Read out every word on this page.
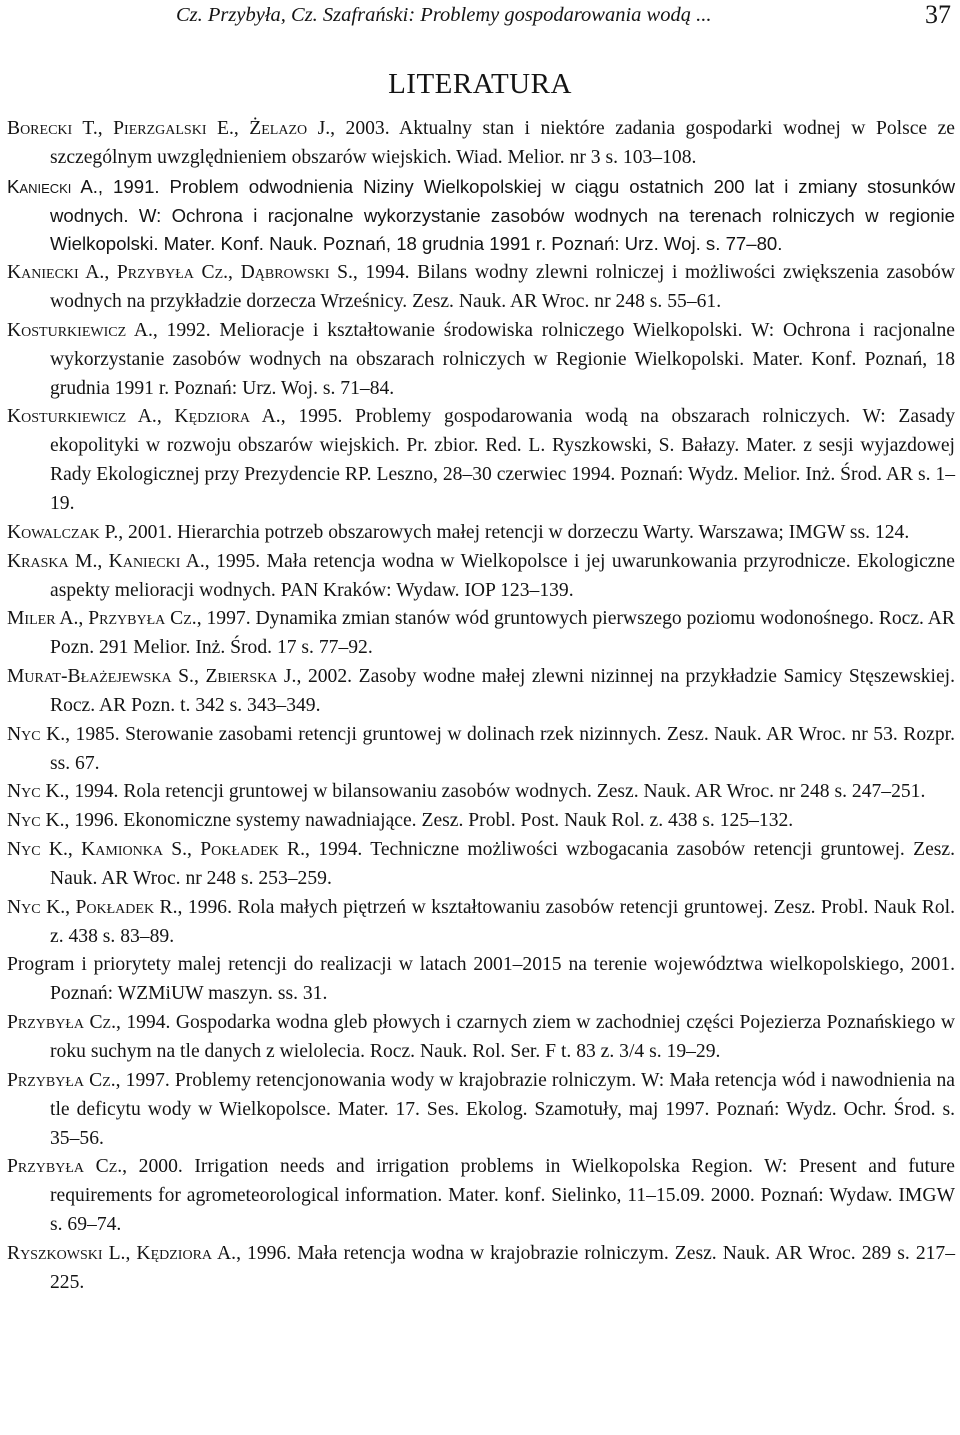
Cz. Przybyła, Cz. Szafrański: Problemy gospodarowania wodą ...	37
LITERATURA
Borecki T., Pierzgalski E., Żelazo J., 2003. Aktualny stan i niektóre zadania gospodarki wodnej w Polsce ze szczególnym uwzględnieniem obszarów wiejskich. Wiad. Melior. nr 3 s. 103–108.
Kaniecki A., 1991. Problem odwodnienia Niziny Wielkopolskiej w ciągu ostatnich 200 lat i zmiany stosunków wodnych. W: Ochrona i racjonalne wykorzystanie zasobów wodnych na terenach rolniczych w regionie Wielkopolski. Mater. Konf. Nauk. Poznań, 18 grudnia 1991 r. Poznań: Urz. Woj. s. 77–80.
Kaniecki A., Przybyła Cz., Dąbrowski S., 1994. Bilans wodny zlewni rolniczej i możliwości zwiększenia zasobów wodnych na przykładzie dorzecza Wrześnicy. Zesz. Nauk. AR Wroc. nr 248 s. 55–61.
Kosturkiewicz A., 1992. Melioracje i kształtowanie środowiska rolniczego Wielkopolski. W: Ochrona i racjonalne wykorzystanie zasobów wodnych na obszarach rolniczych w Regionie Wielkopolski. Mater. Konf. Poznań, 18 grudnia 1991 r. Poznań: Urz. Woj. s. 71–84.
Kosturkiewicz A., Kędziora A., 1995. Problemy gospodarowania wodą na obszarach rolniczych. W: Zasady ekopolityki w rozwoju obszarów wiejskich. Pr. zbior. Red. L. Ryszkowski, S. Bałazy. Mater. z sesji wyjazdowej Rady Ekologicznej przy Prezydencie RP. Leszno, 28–30 czerwiec 1994. Poznań: Wydz. Melior. Inż. Środ. AR s. 1–19.
Kowalczak P., 2001. Hierarchia potrzeb obszarowych małej retencji w dorzeczu Warty. Warszawa; IMGW ss. 124.
Kraska M., Kaniecki A., 1995. Mała retencja wodna w Wielkopolsce i jej uwarunkowania przyrodnicze. Ekologiczne aspekty melioracji wodnych. PAN Kraków: Wydaw. IOP 123–139.
Miler A., Przybyła Cz., 1997. Dynamika zmian stanów wód gruntowych pierwszego poziomu wodonośnego. Rocz. AR Pozn. 291 Melior. Inż. Środ. 17 s. 77–92.
Murat-Błażejewska S., Zbierska J., 2002. Zasoby wodne małej zlewni nizinnej na przykładzie Samicy Stęszewskiej. Rocz. AR Pozn. t. 342 s. 343–349.
Nyc K., 1985. Sterowanie zasobami retencji gruntowej w dolinach rzek nizinnych. Zesz. Nauk. AR Wroc. nr 53. Rozpr. ss. 67.
Nyc K., 1994. Rola retencji gruntowej w bilansowaniu zasobów wodnych. Zesz. Nauk. AR Wroc. nr 248 s. 247–251.
Nyc K., 1996. Ekonomiczne systemy nawadniające. Zesz. Probl. Post. Nauk Rol. z. 438 s. 125–132.
Nyc K., Kamionka S., Pokładek R., 1994. Techniczne możliwości wzbogacania zasobów retencji gruntowej. Zesz. Nauk. AR Wroc. nr 248 s. 253–259.
Nyc K., Pokładek R., 1996. Rola małych piętrzeń w kształtowaniu zasobów retencji gruntowej. Zesz. Probl. Nauk Rol. z. 438 s. 83–89.
Program i priorytety malej retencji do realizacji w latach 2001–2015 na terenie województwa wielkopolskiego, 2001. Poznań: WZMiUW maszyn. ss. 31.
Przybyła Cz., 1994. Gospodarka wodna gleb płowych i czarnych ziem w zachodniej części Pojezierza Poznańskiego w roku suchym na tle danych z wielolecia. Rocz. Nauk. Rol. Ser. F t. 83 z. 3/4 s. 19–29.
Przybyła Cz., 1997. Problemy retencjonowania wody w krajobrazie rolniczym. W: Mała retencja wód i nawodnienia na tle deficytu wody w Wielkopolsce. Mater. 17. Ses. Ekolog. Szamotuły, maj 1997. Poznań: Wydz. Ochr. Środ. s. 35–56.
Przybyła Cz., 2000. Irrigation needs and irrigation problems in Wielkopolska Region. W: Present and future requirements for agrometeorological information. Mater. konf. Sielinko, 11–15.09. 2000. Poznań: Wydaw. IMGW s. 69–74.
Ryszkowski L., Kędziora A., 1996. Mała retencja wodna w krajobrazie rolniczym. Zesz. Nauk. AR Wroc. 289 s. 217–225.
